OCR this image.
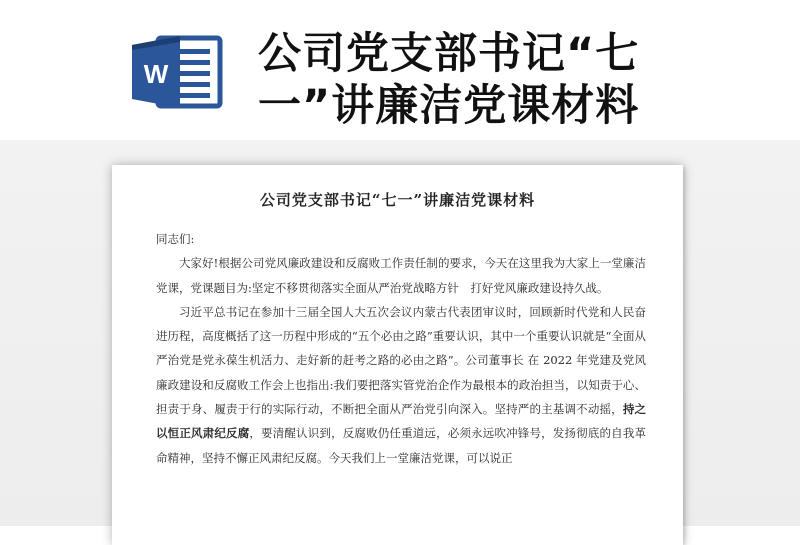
W 公司党支部书记“七一”讲廉洁党课材料
公司党支部书记“七一”讲廉洁党课材料

同志们:

大家好!根据公司党风廉政建设和反腐败工作责任制的要求，今天在这里我为大家上一堂廉洁党课，党课题目为:坚定不移贯彻落实全面从严治党战略方针　打好党风廉政建设持久战。

习近平总书记在参加十三届全国人大五次会议内蒙古代表团审议时，回顾新时代党和人民奋进历程，高度概括了这一历程中形成的“五个必由之路”重要认识，其中一个重要认识就是“全面从严治党是党永葆生机活力、走好新的赶考之路的必由之路”。公司董事长 在 2022 年党建及党风廉政建设和反腐败工作会上也指出:我们要把落实管党治企作为最根本的政治担当，以知责于心、担责于身、履责于行的实际行动，不断把全面从严治党引向深入。坚持严的主基调不动摇，持之以恒正风肃纪反腐，要清醒认识到，反腐败仍任重道远，必须永远吹冲锋号，发扬彻底的自我革命精神，坚持不懈正风肃纪反腐。今天我们上一堂廉洁党课，可以说正
